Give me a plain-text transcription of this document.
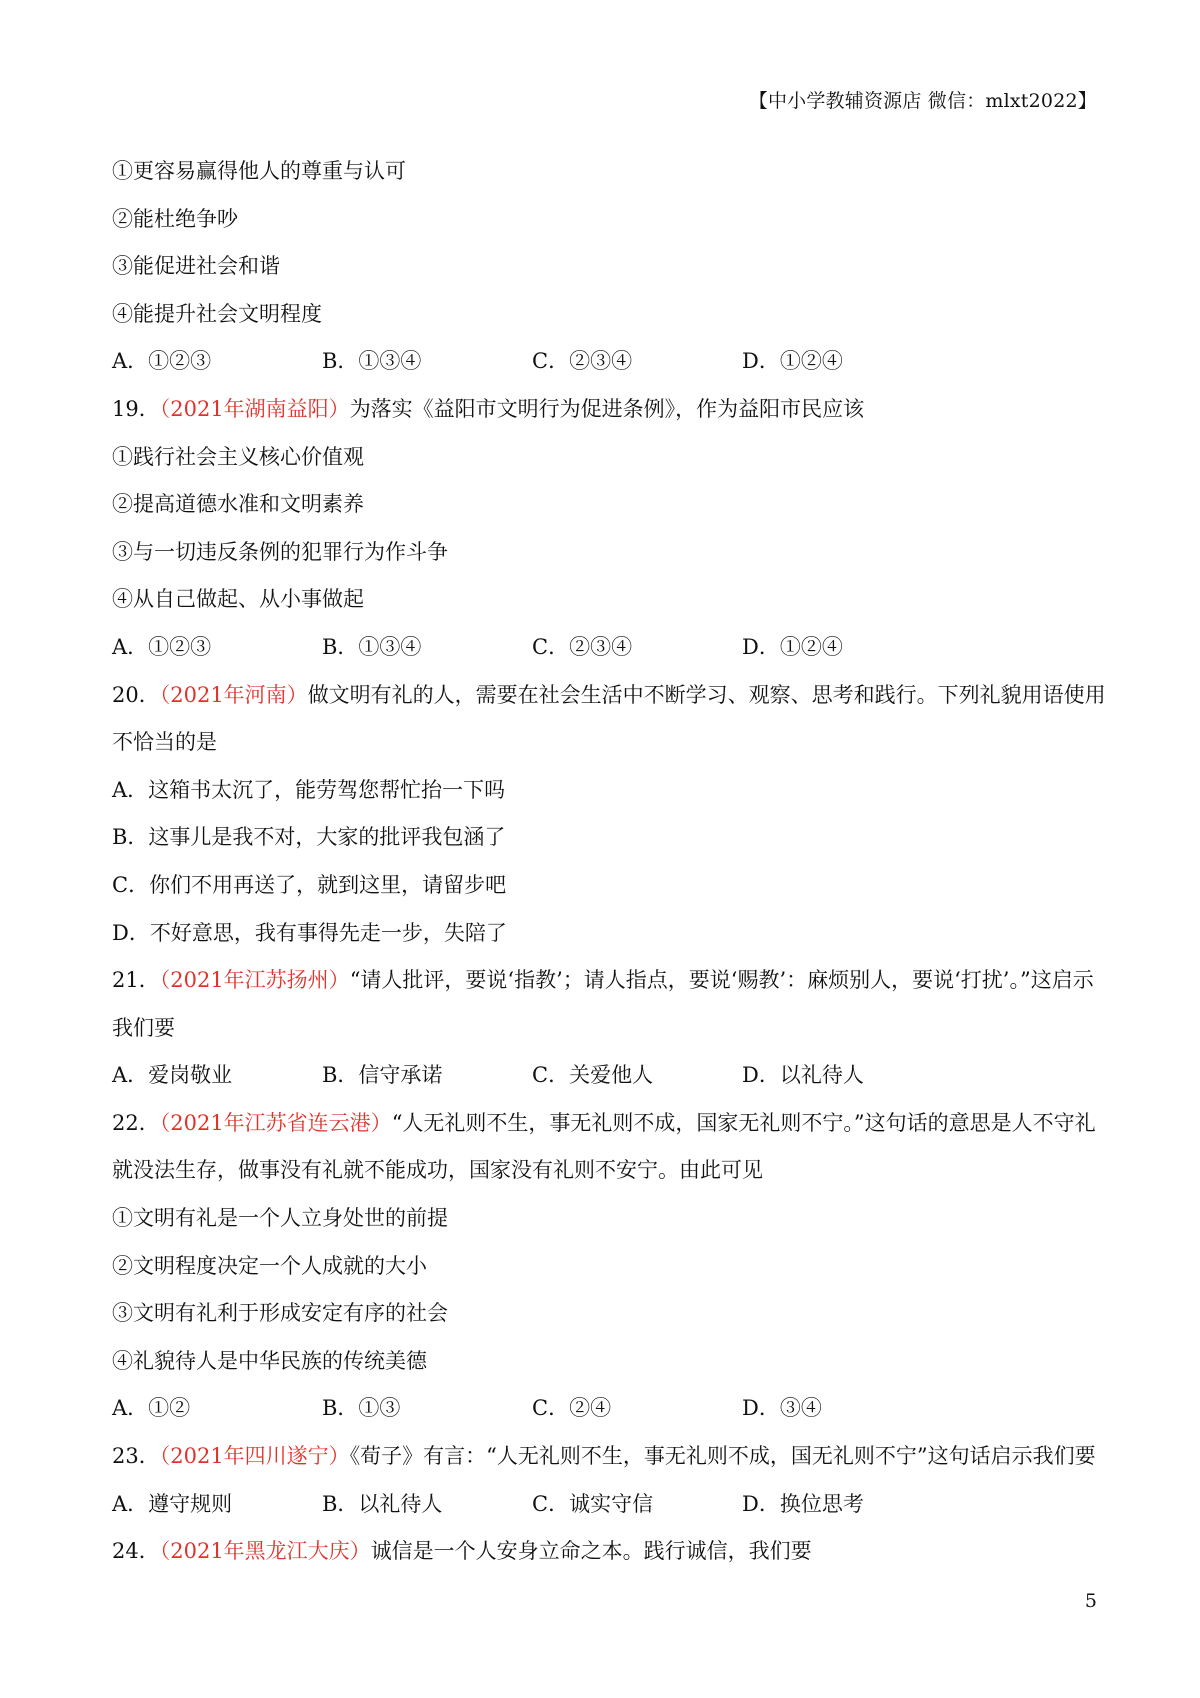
【中小学教辅资源店 微信：mlxt2022】
①更容易赢得他人的尊重与认可
②能杜绝争吵
③能促进社会和谐
④能提升社会文明程度
A．①②③	B．①③④	C．②③④	D．①②④
19．（2021年湖南益阳）为落实《益阳市文明行为促进条例》，作为益阳市民应该
①践行社会主义核心价值观
②提高道德水准和文明素养
③与一切违反条例的犯罪行为作斗争
④从自己做起、从小事做起
A．①②③	B．①③④	C．②③④	D．①②④
20．（2021年河南）做文明有礼的人，需要在社会生活中不断学习、观察、思考和践行。下列礼貌用语使用
不恰当的是
A．这箱书太沉了，能劳驾您帮忙抬一下吗
B．这事儿是我不对，大家的批评我包涵了
C．你们不用再送了，就到这里，请留步吧
D．不好意思，我有事得先走一步，失陪了
21．（2021年江苏扬州）“请人批评，要说‘指教’；请人指点，要说‘赐教’：麻烦别人，要说‘打扰’。”这启示
我们要
A．爱岗敬业	B．信守承诺	C．关爱他人	D．以礼待人
22．（2021年江苏省连云港）“人无礼则不生，事无礼则不成，国家无礼则不宁。”这句话的意思是人不守礼
就没法生存，做事没有礼就不能成功，国家没有礼则不安宁。由此可见
①文明有礼是一个人立身处世的前提
②文明程度决定一个人成就的大小
③文明有礼利于形成安定有序的社会
④礼貌待人是中华民族的传统美德
A．①②	B．①③	C．②④	D．③④
23．（2021年四川遂宁）《荀子》有言：“人无礼则不生，事无礼则不成，国无礼则不宁”这句话启示我们要
A．遵守规则	B．以礼待人	C．诚实守信	D．换位思考
24．（2021年黑龙江大庆）诚信是一个人安身立命之本。践行诚信，我们要
5
